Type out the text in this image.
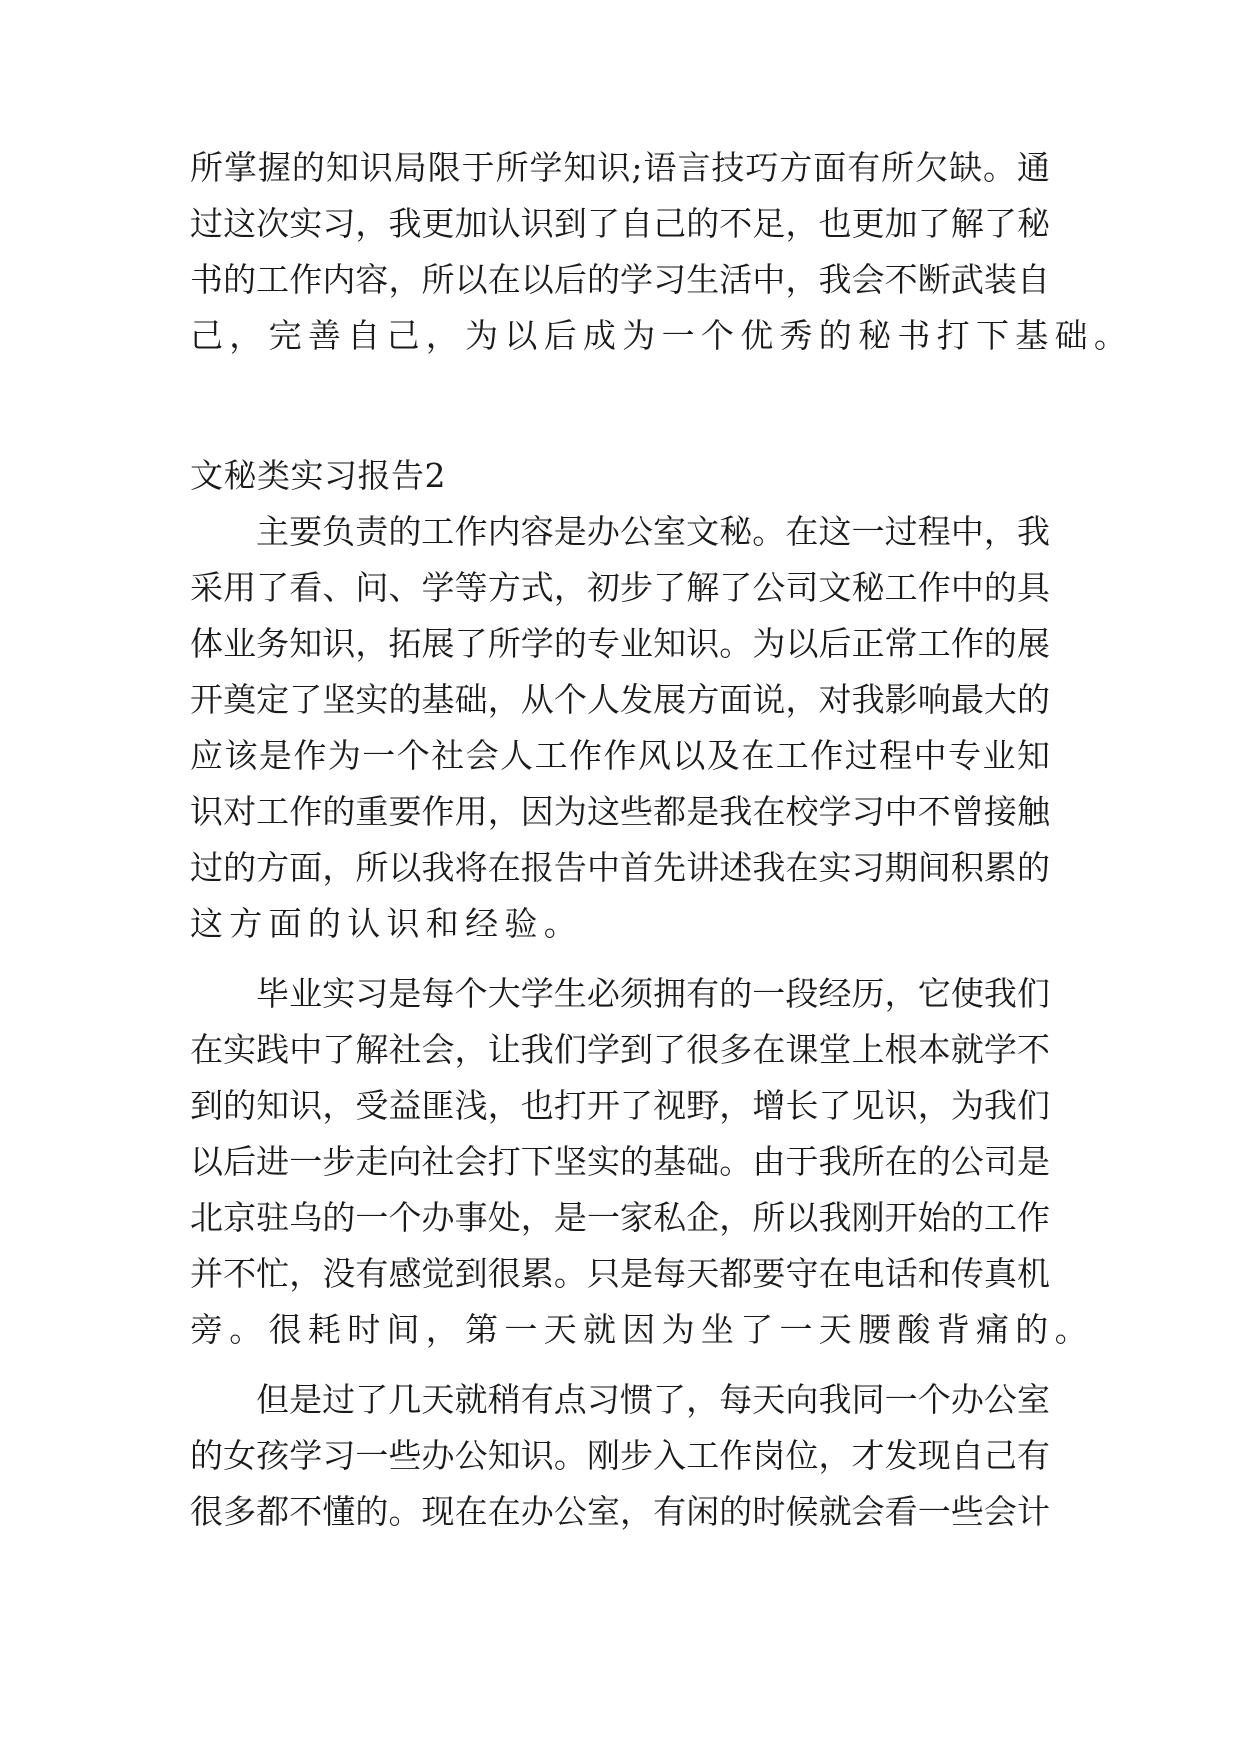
所掌握的知识局限于所学知识;语言技巧方面有所欠缺。通
过这次实习，我更加认识到了自己的不足，也更加了解了秘
书的工作内容，所以在以后的学习生活中，我会不断武装自
己，完善自己，为以后成为一个优秀的秘书打下基础。
文秘类实习报告2
主要负责的工作内容是办公室文秘。在这一过程中，我
采用了看、问、学等方式，初步了解了公司文秘工作中的具
体业务知识，拓展了所学的专业知识。为以后正常工作的展
开奠定了坚实的基础，从个人发展方面说，对我影响最大的
应该是作为一个社会人工作作风以及在工作过程中专业知
识对工作的重要作用，因为这些都是我在校学习中不曾接触
过的方面，所以我将在报告中首先讲述我在实习期间积累的
这方面的认识和经验。
毕业实习是每个大学生必须拥有的一段经历，它使我们
在实践中了解社会，让我们学到了很多在课堂上根本就学不
到的知识，受益匪浅，也打开了视野，增长了见识，为我们
以后进一步走向社会打下坚实的基础。由于我所在的公司是
北京驻乌的一个办事处，是一家私企，所以我刚开始的工作
并不忙，没有感觉到很累。只是每天都要守在电话和传真机
旁。很耗时间，第一天就因为坐了一天腰酸背痛的。
但是过了几天就稍有点习惯了，每天向我同一个办公室
的女孩学习一些办公知识。刚步入工作岗位，才发现自己有
很多都不懂的。现在在办公室，有闲的时候就会看一些会计
